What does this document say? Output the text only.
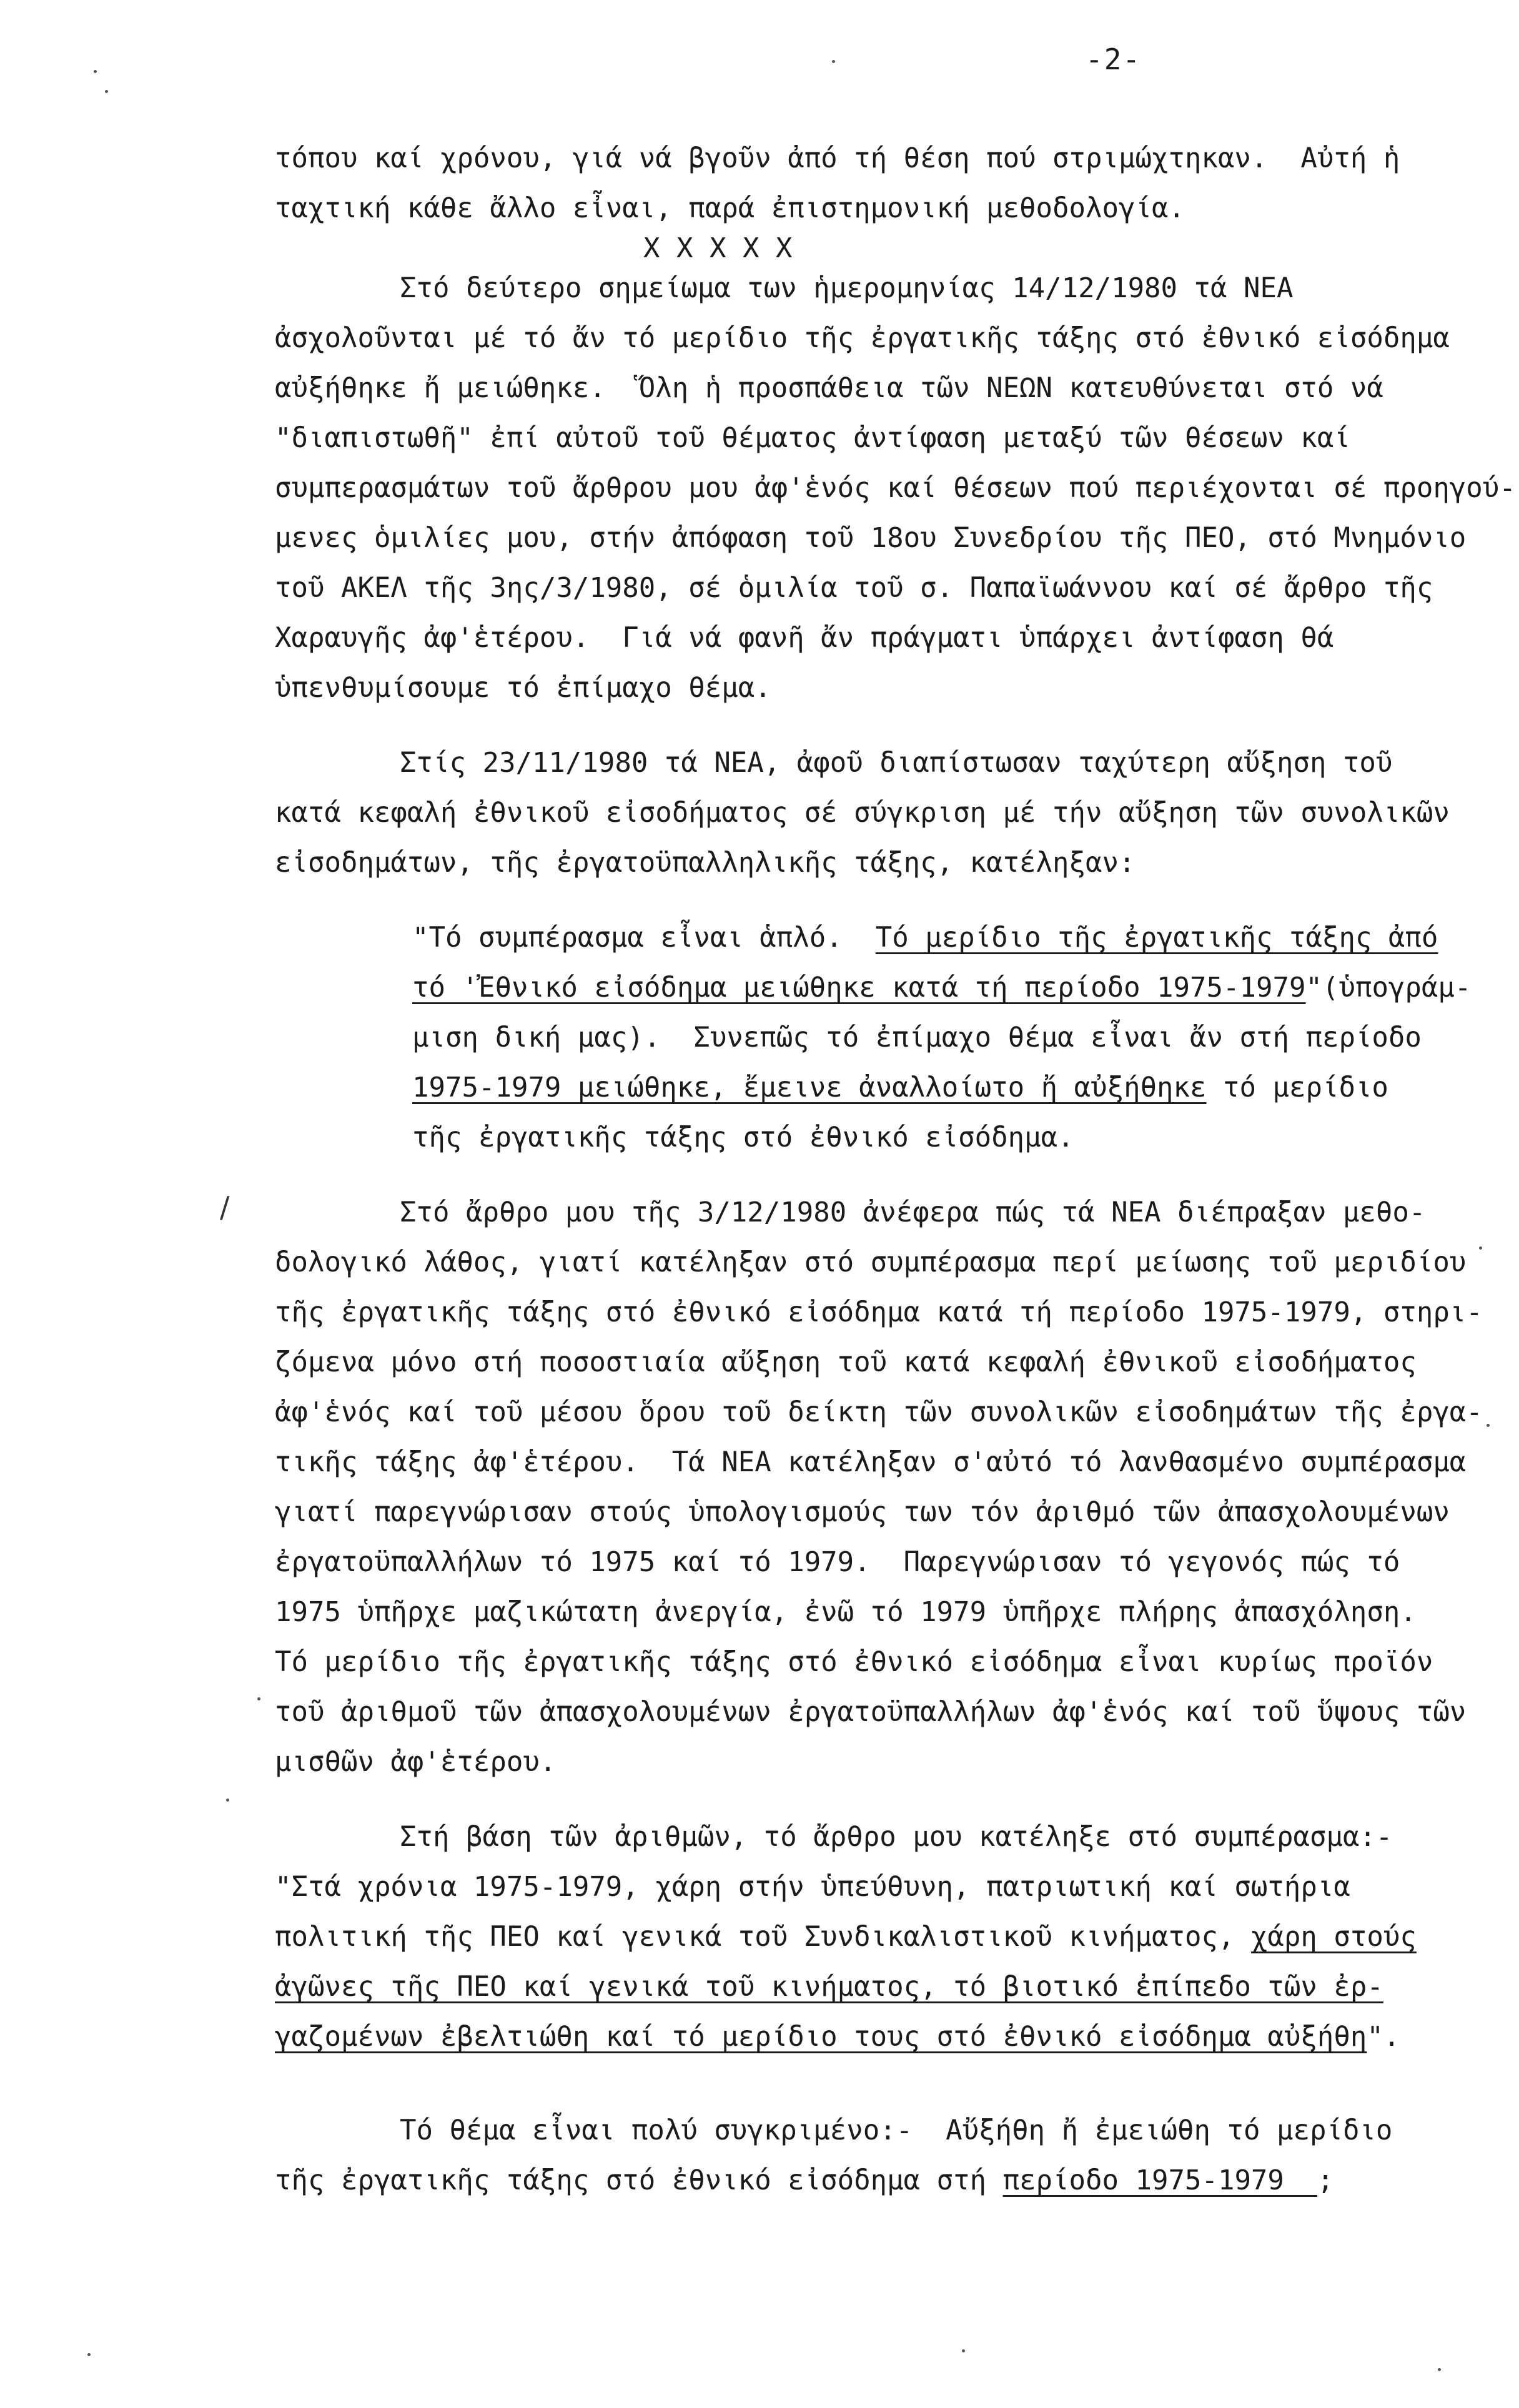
-2-
τόπου καί χρόνου, γιά νά βγοῦν ἀπό τή θέση πού στριμώχτηκαν.  Αὐτή ἡ
ταχτική κάθε ἄλλο εἶναι, παρά ἐπιστημονική μεθοδολογία.
X X X X X
Στό δεύτερο σημείωμα των ἡμερομηνίας 14/12/1980 τά ΝΕΑ
ἀσχολοῦνται μέ τό ἄν τό μερίδιο τῆς ἐργατικῆς τάξης στό ἐθνικό εἰσόδημα
αὐξήθηκε ἤ μειώθηκε.  Ὅλη ἡ προσπάθεια τῶν ΝΕΩΝ κατευθύνεται στό νά
"διαπιστωθῆ" ἐπί αὐτοῦ τοῦ θέματος ἀντίφαση μεταξύ τῶν θέσεων καί
συμπερασμάτων τοῦ ἄρθρου μου ἀφ'ἑνός καί θέσεων πού περιέχονται σέ προηγού-
μενες ὁμιλίες μου, στήν ἀπόφαση τοῦ 18ου Συνεδρίου τῆς ΠΕΟ, στό Μνημόνιο
τοῦ ΑΚΕΛ τῆς 3ης/3/1980, σέ ὁμιλία τοῦ σ. Παπαϊωάννου καί σέ ἄρθρο τῆς
Χαραυγῆς ἀφ'ἑτέρου.  Γιά νά φανῆ ἄν πράγματι ὑπάρχει ἀντίφαση θά
ὑπενθυμίσουμε τό ἐπίμαχο θέμα.
Στίς 23/11/1980 τά ΝΕΑ, ἀφοῦ διαπίστωσαν ταχύτερη αὔξηση τοῦ
κατά κεφαλή ἐθνικοῦ εἰσοδήματος σέ σύγκριση μέ τήν αὔξηση τῶν συνολικῶν
εἰσοδημάτων, τῆς ἐργατοϋπαλληλικῆς τάξης, κατέληξαν:
"Τό συμπέρασμα εἶναι ἁπλό.  Τό μερίδιο τῆς ἐργατικῆς τάξης ἀπό
τό 'Ἐθνικό εἰσόδημα μειώθηκε κατά τή περίοδο 1975-1979"(ὑπογράμ-
μιση δική μας).  Συνεπῶς τό ἐπίμαχο θέμα εἶναι ἄν στή περίοδο
1975-1979 μειώθηκε, ἔμεινε ἀναλλοίωτο ἤ αὐξήθηκε τό μερίδιο
τῆς ἐργατικῆς τάξης στό ἐθνικό εἰσόδημα.
Στό ἄρθρο μου τῆς 3/12/1980 ἀνέφερα πώς τά ΝΕΑ διέπραξαν μεθο-
δολογικό λάθος, γιατί κατέληξαν στό συμπέρασμα περί μείωσης τοῦ μεριδίου
τῆς ἐργατικῆς τάξης στό ἐθνικό εἰσόδημα κατά τή περίοδο 1975-1979, στηρι-
ζόμενα μόνο στή ποσοστιαία αὔξηση τοῦ κατά κεφαλή ἐθνικοῦ εἰσοδήματος
ἀφ'ἑνός καί τοῦ μέσου ὅρου τοῦ δείκτη τῶν συνολικῶν εἰσοδημάτων τῆς ἐργα-
τικῆς τάξης ἀφ'ἑτέρου.  Τά ΝΕΑ κατέληξαν σ'αὐτό τό λανθασμένο συμπέρασμα
γιατί παρεγνώρισαν στούς ὑπολογισμούς των τόν ἀριθμό τῶν ἀπασχολουμένων
ἐργατοϋπαλλήλων τό 1975 καί τό 1979.  Παρεγνώρισαν τό γεγονός πώς τό
1975 ὑπῆρχε μαζικώτατη ἀνεργία, ἐνῶ τό 1979 ὑπῆρχε πλήρης ἀπασχόληση.
Τό μερίδιο τῆς ἐργατικῆς τάξης στό ἐθνικό εἰσόδημα εἶναι κυρίως προϊόν
τοῦ ἀριθμοῦ τῶν ἀπασχολουμένων ἐργατοϋπαλλήλων ἀφ'ἑνός καί τοῦ ὕψους τῶν
μισθῶν ἀφ'ἑτέρου.
Στή βάση τῶν ἀριθμῶν, τό ἄρθρο μου κατέληξε στό συμπέρασμα:-
"Στά χρόνια 1975-1979, χάρη στήν ὑπεύθυνη, πατριωτική καί σωτήρια
πολιτική τῆς ΠΕΟ καί γενικά τοῦ Συνδικαλιστικοῦ κινήματος, χάρη στούς
ἀγῶνες τῆς ΠΕΟ καί γενικά τοῦ κινήματος, τό βιοτικό ἐπίπεδο τῶν ἐρ-
γαζομένων ἐβελτιώθη καί τό μερίδιο τους στό ἐθνικό εἰσόδημα αὐξήθη".
Τό θέμα εἶναι πολύ συγκριμένο:-  Αὔξήθη ἤ ἐμειώθη τό μερίδιο
τῆς ἐργατικῆς τάξης στό ἐθνικό εἰσόδημα στή περίοδο 1975-1979  ;
/
